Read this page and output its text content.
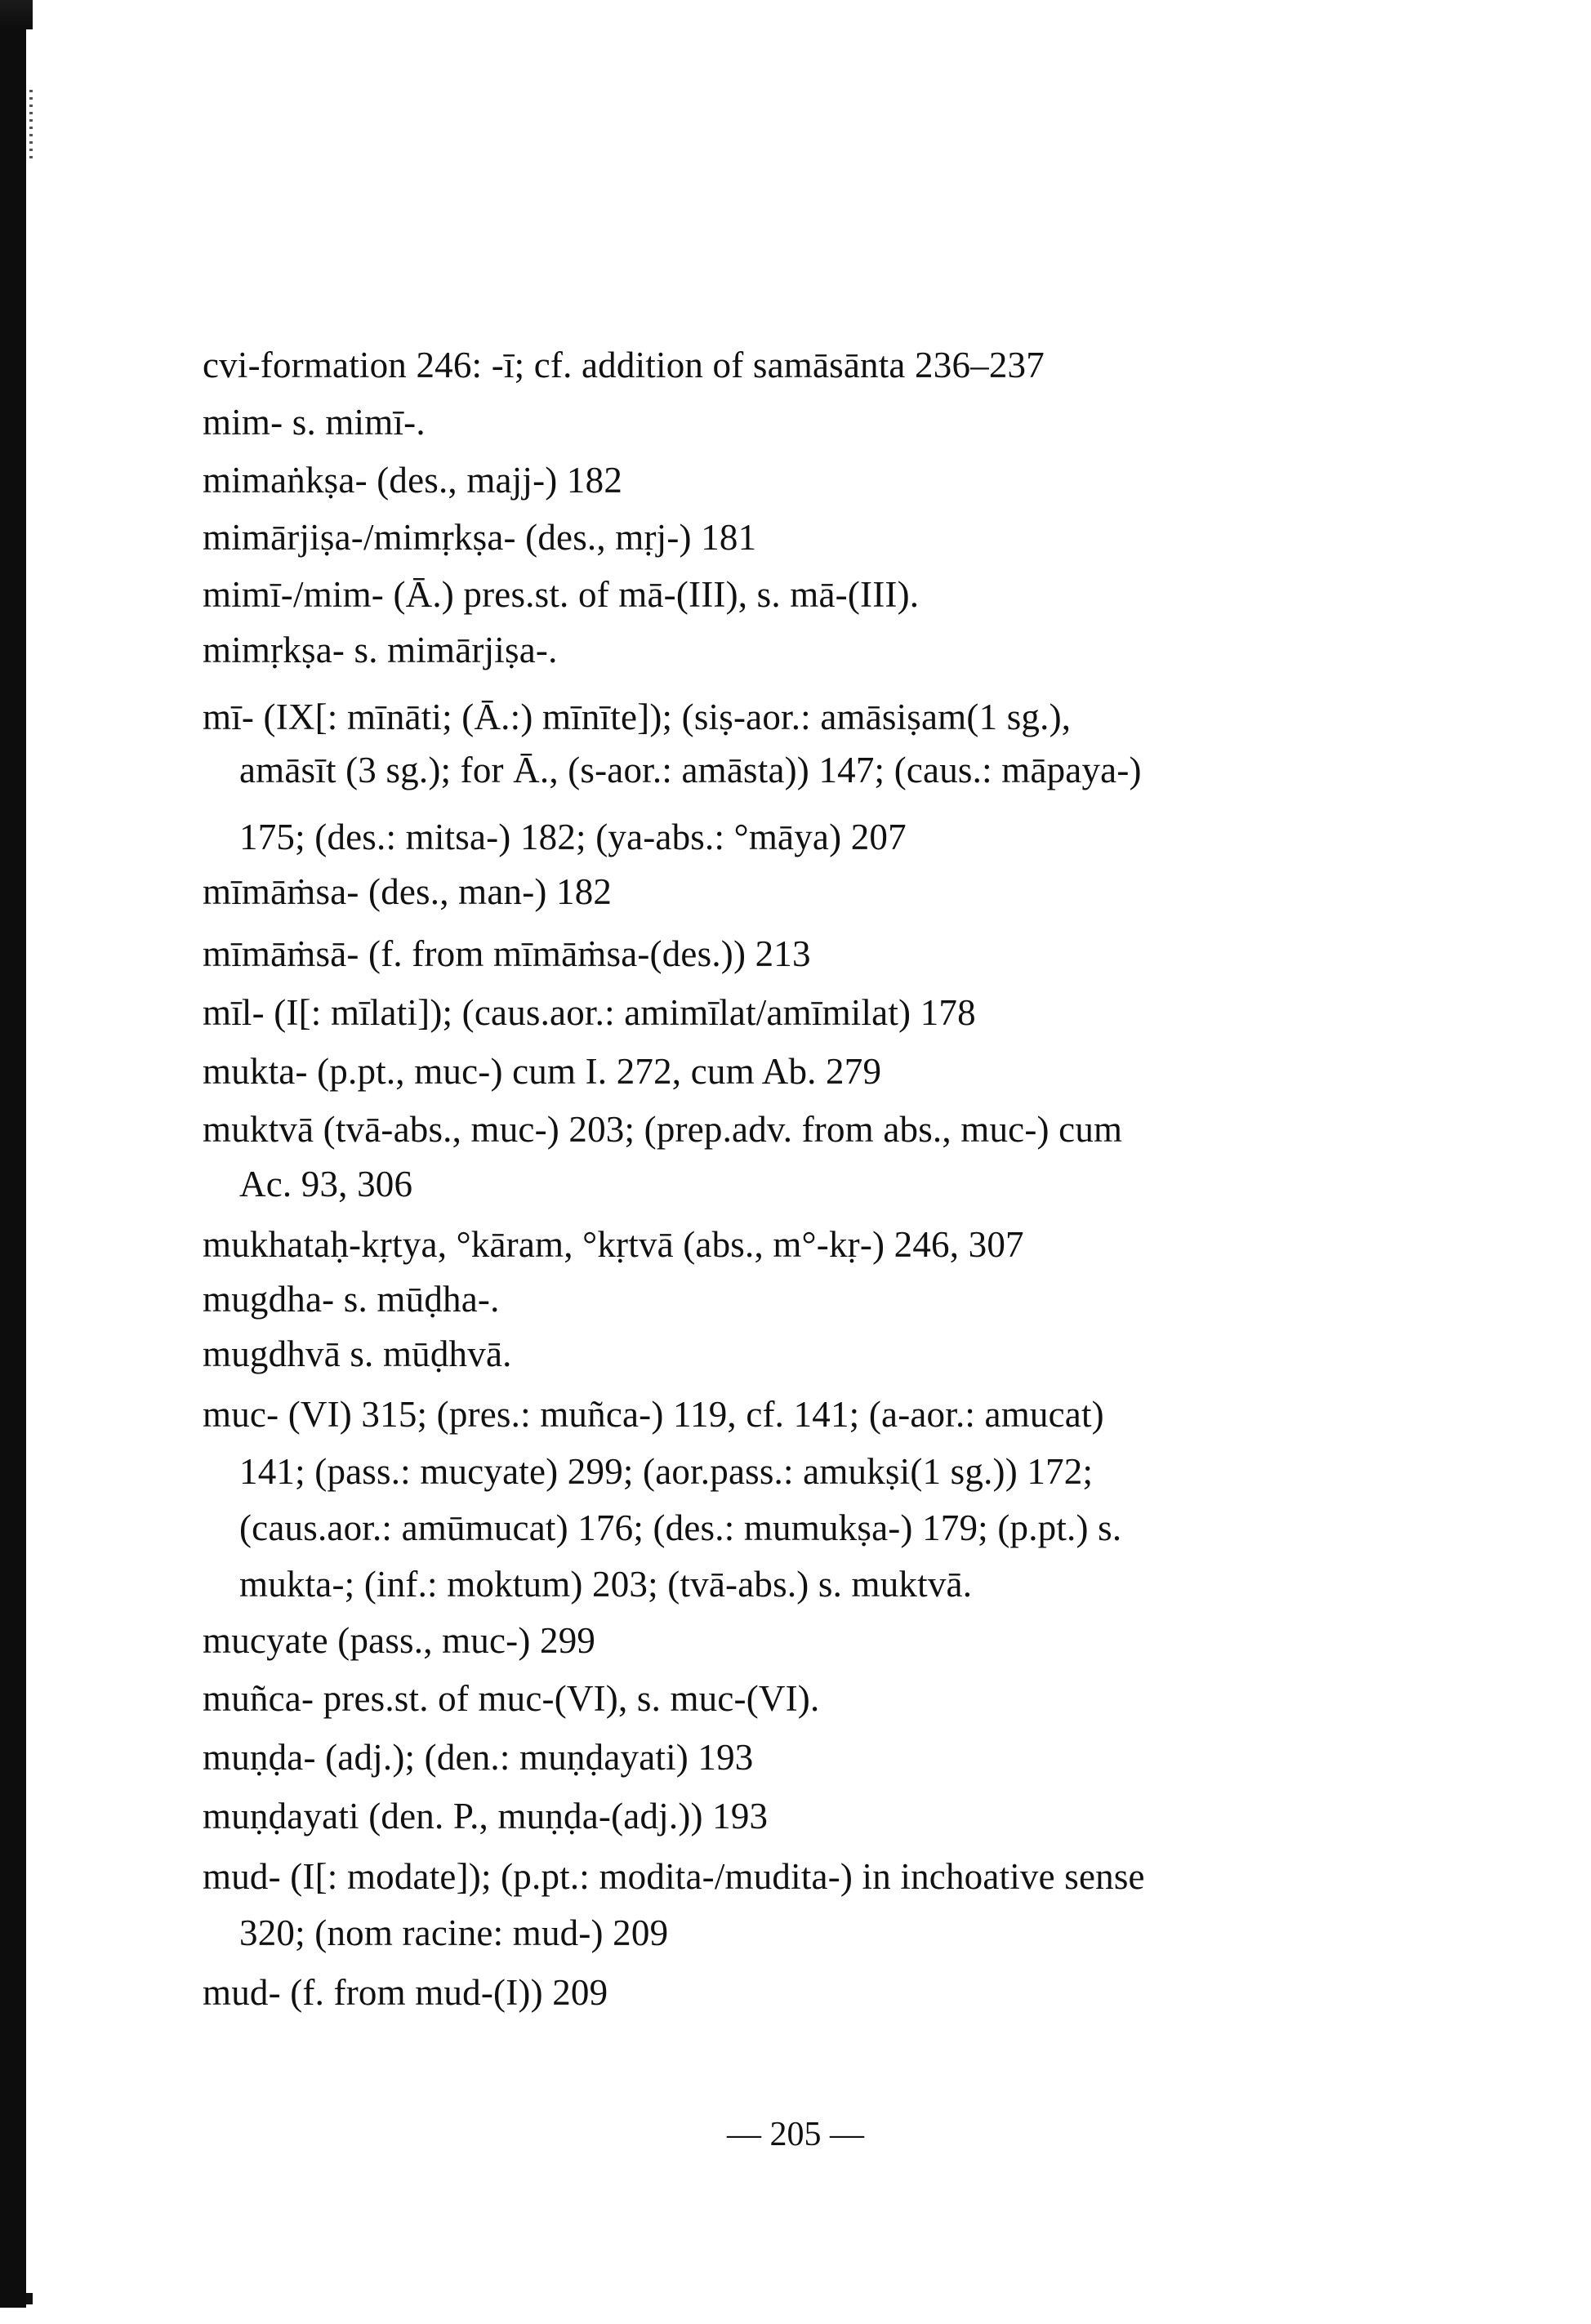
cvi-formation 246: -ī; cf. addition of samāsānta 236–237
mim- s. mimī-.
mimaṅkṣa- (des., majj-) 182
mimārjiṣa-/mimṛkṣa- (des., mṛj-) 181
mimī-/mim- (Ā.) pres.st. of mā-(III), s. mā-(III).
mimṛkṣa- s. mimārjiṣa-.
mī- (IX[: mīnāti; (Ā.:) mīnīte]); (siṣ-aor.: amāsiṣam(1 sg.),
amāsīt (3 sg.); for Ā., (s-aor.: amāsta)) 147; (caus.: māpaya-)
175; (des.: mitsa-) 182; (ya-abs.: °māya) 207
mīmāṁsa- (des., man-) 182
mīmāṁsā- (f. from mīmāṁsa-(des.)) 213
mīl- (I[: mīlati]); (caus.aor.: amimīlat/amīmilat) 178
mukta- (p.pt., muc-) cum I. 272, cum Ab. 279
muktvā (tvā-abs., muc-) 203; (prep.adv. from abs., muc-) cum
Ac. 93, 306
mukhataḥ-kṛtya, °kāram, °kṛtvā (abs., m°-kṛ-) 246, 307
mugdha- s. mūḍha-.
mugdhvā s. mūḍhvā.
muc- (VI) 315; (pres.: muñca-) 119, cf. 141; (a-aor.: amucat)
141; (pass.: mucyate) 299; (aor.pass.: amukṣi(1 sg.)) 172;
(caus.aor.: amūmucat) 176; (des.: mumukṣa-) 179; (p.pt.) s.
mukta-; (inf.: moktum) 203; (tvā-abs.) s. muktvā.
mucyate (pass., muc-) 299
muñca- pres.st. of muc-(VI), s. muc-(VI).
muṇḍa- (adj.); (den.: muṇḍayati) 193
muṇḍayati (den. P., muṇḍa-(adj.)) 193
mud- (I[: modate]); (p.pt.: modita-/mudita-) in inchoative sense
320; (nom racine: mud-) 209
mud- (f. from mud-(I)) 209
— 205 —
